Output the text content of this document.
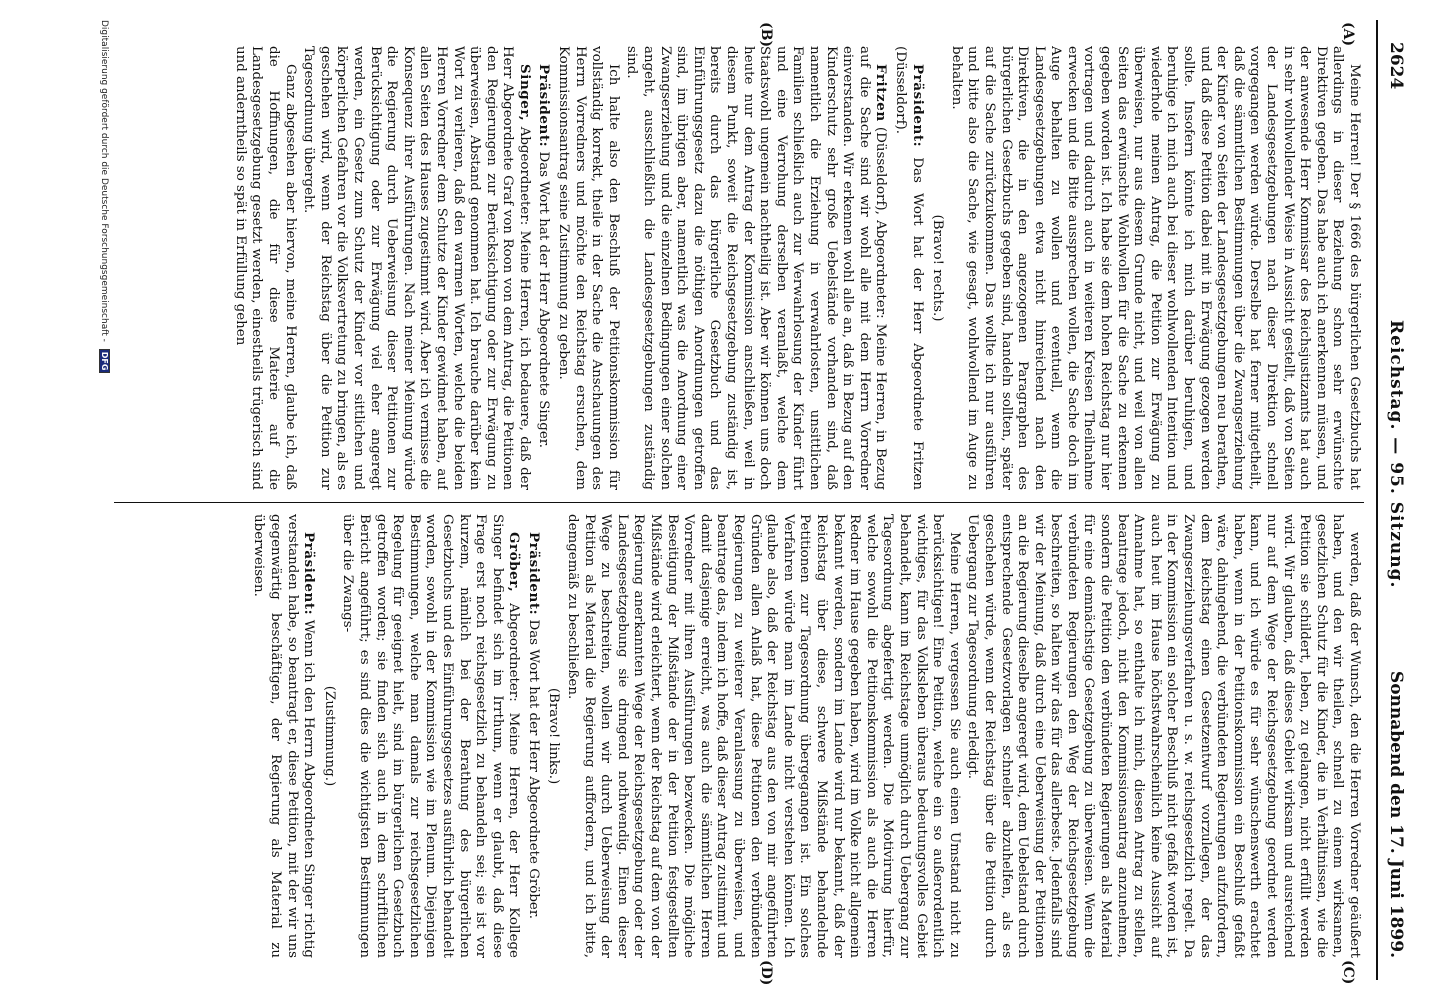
2624
Reichstag. — 95. Sitzung.
Sonnabend den 17. Juni 1899.
(A)
(B)
(C)
(D)

Meine Herren! Der § 1666 des bürgerlichen Gesetzbuchs hat allerdings in dieser Beziehung schon sehr erwünschte Direktiven gegeben. Das habe auch ich anerkennen müssen, und der anwesende Herr Kommissar des Reichsjustizamts hat auch in sehr wohlwollender Weise in Aussicht gestellt, daß von Seiten der Landesgesetzgebungen nach dieser Direktion schnell vorgegangen werden würde. Derselbe hat ferner mitgetheilt, daß die sämmtlichen Bestimmungen über die Zwangserziehung der Kinder von Seiten der Landesgesetzgebungen neu berathen, und daß diese Petition dabei mit in Erwägung gezogen werden sollte. Insofern könnte ich mich darüber beruhigen, und beruhige ich mich auch bei dieser wohlwollenden Intention und wiederhole meinen Antrag, die Petition zur Erwägung zu überweisen, nur aus diesem Grunde nicht, und weil von allen Seiten das erwünschte Wohlwollen für die Sache zu erkennen gegeben worden ist. Ich habe sie dem hohen Reichstag nur hier vortragen und dadurch auch in weiteren Kreisen Theilnahme erwecken und die Bitte aussprechen wollen, die Sache doch im Auge behalten zu wollen und eventuell, wenn die Landesgesetzgebungen etwa nicht hinreichend nach den Direktiven, die in den angezogenen Paragraphen des bürgerlichen Gesetzbuchs gegeben sind, handeln sollten, später auf die Sache zurückzukommen. Das wollte ich nur ausführen und bitte also die Sache, wie gesagt, wohlwollend im Auge zu behalten.

(Bravo! rechts.)

Präsident: Das Wort hat der Herr Abgeordnete Fritzen (Düsseldorf).

Fritzen (Düsseldorf), Abgeordneter: Meine Herren, in Bezug auf die Sache sind wir wohl alle mit dem Herrn Vorredner einverstanden. Wir erkennen wohl alle an, daß in Bezug auf den Kinderschutz sehr große Uebelstände vorhanden sind, daß namentlich die Erziehung in verwahrlosten, unsittlichen Familien schließlich auch zur Verwahrlosung der Kinder führt und eine Verrohung derselben veranlaßt, welche dem Staatswohl ungemein nachtheilig ist. Aber wir können uns doch heute nur dem Antrag der Kommission anschließen, weil in diesem Punkt, soweit die Reichsgesetzgebung zuständig ist, bereits durch das bürgerliche Gesetzbuch und das Einführungsgesetz dazu die nöthigen Anordnungen getroffen sind, im übrigen aber, namentlich was die Anordnung einer Zwangserziehung und die einzelnen Bedingungen einer solchen angeht, ausschließlich die Landesgesetzgebungen zuständig sind.

Ich halte also den Beschluß der Petitionskommission für vollständig korrekt, theile in der Sache die Anschauungen des Herrn Vorredners und möchte den Reichstag ersuchen, dem Kommissionsantrag seine Zustimmung zu geben.

Präsident: Das Wort hat der Herr Abgeordnete Singer.

Singer, Abgeordneter: Meine Herren, ich bedauere, daß der Herr Abgeordnete Graf von Roon von dem Antrag, die Petitionen den Regierungen zur Berücksichtigung oder zur Erwägung zu überweisen, Abstand genommen hat. Ich brauche darüber kein Wort zu verlieren, daß den warmen Worten, welche die beiden Herren Vorredner dem Schutze der Kinder gewidmet haben, auf allen Seiten des Hauses zugestimmt wird. Aber ich vermisse die Konsequenz ihrer Ausführungen. Nach meiner Meinung würde die Regierung durch Ueberweisung dieser Petitionen zur Berücksichtigung oder zur Erwägung viel eher angeregt werden, ein Gesetz zum Schutz der Kinder vor sittlichen und körperlichen Gefahren vor die Volksvertretung zu bringen, als es geschehen wird, wenn der Reichstag über die Petition zur Tagesordnung übergeht.

Ganz abgesehen aber hiervon, meine Herren, glaube ich, daß die Hoffnungen, die für diese Materie auf die Landesgesetzgebung gesetzt werden, einestheils trügerisch sind und anderntheils so spät in Erfüllung gehen

werden, daß der Wunsch, den die Herren Vorredner geäußert haben, und den wir theilen, schnell zu einem wirksamen, gesetzlichen Schutz für die Kinder, die in Verhältnissen, wie die Petition sie schildert, leben, zu gelangen, nicht erfüllt werden wird. Wir glauben, daß dieses Gebiet wirksam und ausreichend nur auf dem Wege der Reichsgesetzgebung geordnet werden kann, und ich würde es für sehr wünschenswerth erachtet haben, wenn in der Petitionskommission ein Beschluß gefaßt wäre, dahingehend, die verbündeten Regierungen aufzufordern, dem Reichstag einen Gesetzentwurf vorzulegen, der das Zwangserziehungsverfahren u. s. w. reichsgesetzlich regelt. Da in der Kommission ein solcher Beschluß nicht gefaßt worden ist, auch heut im Hause höchstwahrscheinlich keine Aussicht auf Annahme hat, so enthalte ich mich, diesen Antrag zu stellen, beantrage jedoch, nicht den Kommissionsantrag anzunehmen, sondern die Petition den verbündeten Regierungen als Material für eine demnächstige Gesetzgebung zu überweisen. Wenn die verbündeten Regierungen den Weg der Reichsgesetzgebung beschreiten, so halten wir das für das allerbeste. Jedenfalls sind wir der Meinung, daß durch eine Ueberweisung der Petitionen an die Regierung dieselbe angeregt wird, dem Uebelstand durch entsprechende Gesetzvorlagen schneller abzuhelfen, als es geschehen würde, wenn der Reichstag über die Petition durch Uebergang zur Tagesordnung erledigt.

Meine Herren, vergessen Sie auch einen Umstand nicht zu berücksichtigen! Eine Petition, welche ein so außerordentlich wichtiges, für das Volksleben überaus bedeutungsvolles Gebiet behandelt, kann im Reichstage unmöglich durch Uebergang zur Tagesordnung abgefertigt werden. Die Motivirung hierfür, welche sowohl die Petitionskommission als auch die Herren Redner im Hause gegeben haben, wird im Volke nicht allgemein bekannt werden, sondern im Lande wird nur bekannt, daß der Reichstag über diese, schwere Mißstände behandelnde Petitionen zur Tagesordnung übergegangen ist. Ein solches Verfahren würde man im Lande nicht verstehen können. Ich glaube also, daß der Reichstag aus den von mir angeführten Gründen allen Anlaß hat, diese Petitionen den verbündeten Regierungen zu weiterer Veranlassung zu überweisen, und beantrage das, indem ich hoffe, daß dieser Antrag zustimmt und damit dasjenige erreicht, was auch die sämmtlichen Herren Vorredner mit ihren Ausführungen bezwecken. Die mögliche Beseitigung der Mißstände der in der Petition festgestellten Mißstände wird erleichtert, wenn der Reichstag auf dem von der Regierung anerkannten Wege der Reichsgesetzgebung oder der Landesgesetzgebung sie dringend nothwendig. Einen dieser Wege zu beschreiten, wollen wir durch Ueberweisung der Petition als Material die Regierung auffordern, und ich bitte, demgemäß zu beschließen.

(Bravo! links.)

Präsident: Das Wort hat der Herr Abgeordnete Gröber.

Gröber, Abgeordneter: Meine Herren, der Herr Kollege Singer befindet sich im Irrthum, wenn er glaubt, daß diese Frage erst noch reichsgesetzlich zu behandeln sei; sie ist vor kurzem, nämlich bei der Berathung des bürgerlichen Gesetzbuchs und des Einführungsgesetzes ausführlich behandelt worden, sowohl in der Kommission wie im Plenum. Diejenigen Bestimmungen, welche man damals zur reichsgesetzlichen Regelung für geeignet hielt, sind im bürgerlichen Gesetzbuch getroffen worden; sie finden sich auch in dem schriftlichen Bericht angeführt; es sind dies die wichtigsten Bestimmungen über die Zwangs-

(Zustimmung.)

Präsident: Wenn ich den Herrn Abgeordneten Singer richtig verstanden habe, so beantragt er, diese Petition, mit der wir uns gegenwärtig beschäftigen, der Regierung als Material zu überweisen.

Digitalisierung gefördert durch die Deutsche Forschungsgemeinschaft - DFG
